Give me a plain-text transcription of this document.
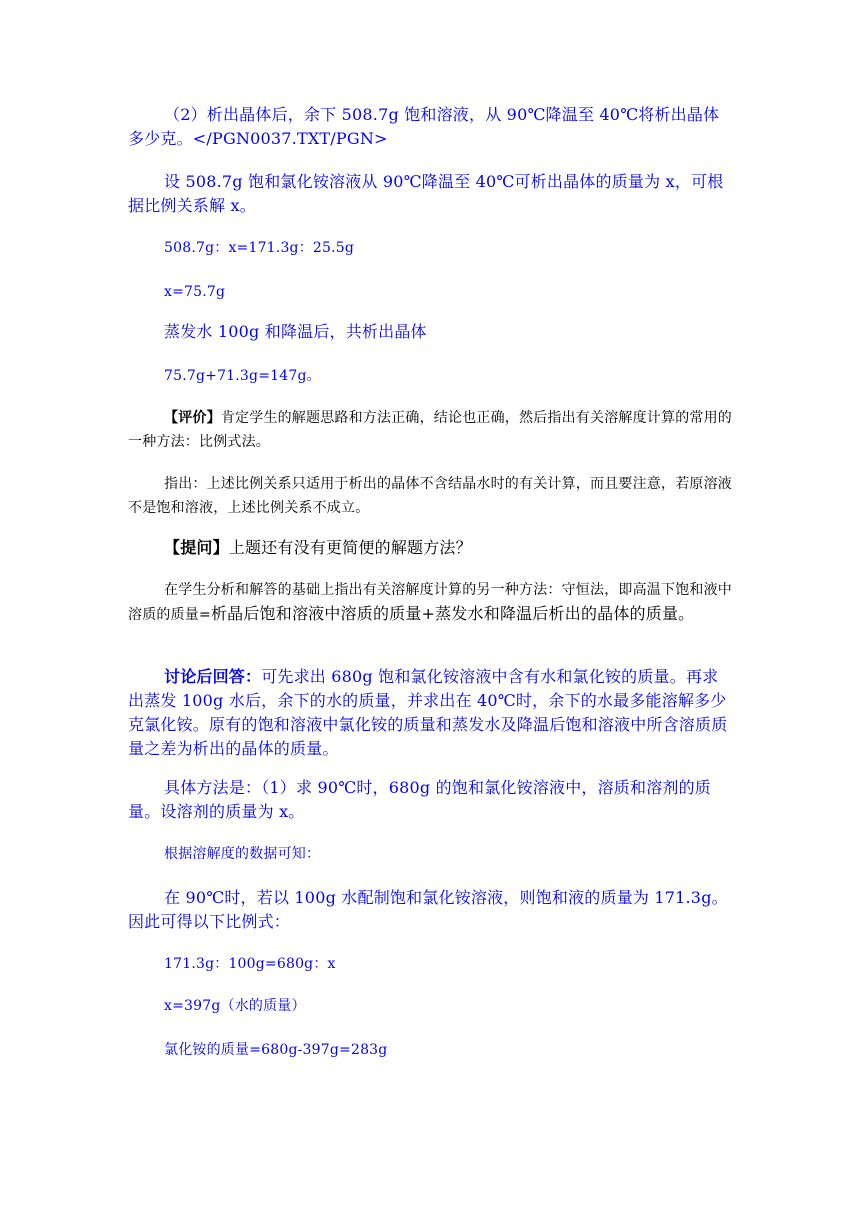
（2）析出晶体后，余下 508.7g 饱和溶液，从 90℃降温至 40℃将析出晶体多少克。</PGN0037.TXT/PGN>

设 508.7g 饱和氯化铵溶液从 90℃降温至 40℃可析出晶体的质量为 x，可根据比例关系解 x。

508.7g：x=171.3g：25.5g

x=75.7g

蒸发水 100g 和降温后，共析出晶体

75.7g+71.3g=147g。

【评价】肯定学生的解题思路和方法正确，结论也正确，然后指出有关溶解度计算的常用的一种方法：比例式法。

指出：上述比例关系只适用于析出的晶体不含结晶水时的有关计算，而且要注意，若原溶液不是饱和溶液，上述比例关系不成立。

【提问】上题还有没有更简便的解题方法？

在学生分析和解答的基础上指出有关溶解度计算的另一种方法：守恒法，即高温下饱和液中溶质的质量=析晶后饱和溶液中溶质的质量+蒸发水和降温后析出的晶体的质量。

讨论后回答：可先求出 680g 饱和氯化铵溶液中含有水和氯化铵的质量。再求出蒸发 100g 水后，余下的水的质量，并求出在 40℃时，余下的水最多能溶解多少克氯化铵。原有的饱和溶液中氯化铵的质量和蒸发水及降温后饱和溶液中所含溶质质量之差为析出的晶体的质量。

具体方法是：（1）求 90℃时，680g 的饱和氯化铵溶液中，溶质和溶剂的质量。设溶剂的质量为 x。

根据溶解度的数据可知：

在 90℃时，若以 100g 水配制饱和氯化铵溶液，则饱和液的质量为 171.3g。因此可得以下比例式：

171.3g：100g=680g：x

x=397g（水的质量）

氯化铵的质量=680g-397g=283g
